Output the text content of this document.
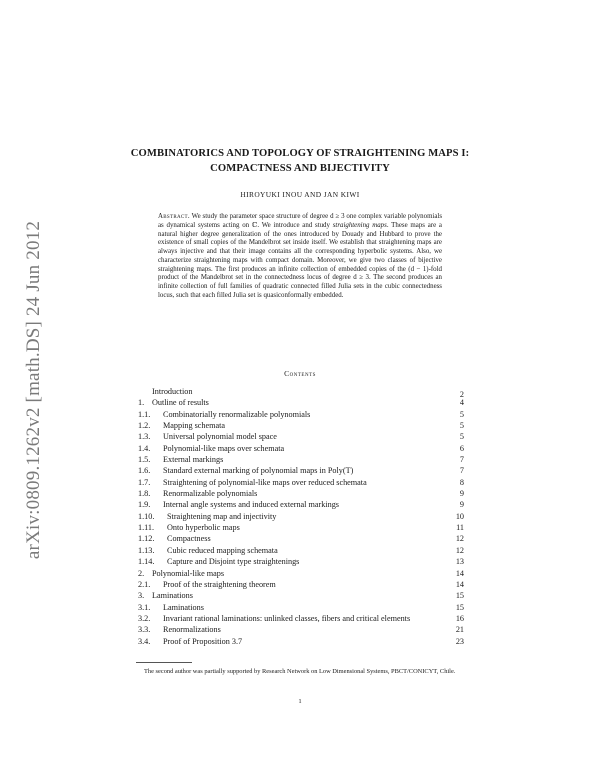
arXiv:0809.1262v2 [math.DS] 24 Jun 2012
COMBINATORICS AND TOPOLOGY OF STRAIGHTENING MAPS I:
COMPACTNESS AND BIJECTIVITY
HIROYUKI INOU AND JAN KIWI
Abstract. We study the parameter space structure of degree d ≥ 3 one complex variable polynomials as dynamical systems acting on ℂ. We introduce and study straightening maps. These maps are a natural higher degree generalization of the ones introduced by Douady and Hubbard to prove the existence of small copies of the Mandelbrot set inside itself. We establish that straightening maps are always injective and that their image contains all the corresponding hyperbolic systems. Also, we characterize straightening maps with compact domain. Moreover, we give two classes of bijective straightening maps. The first produces an infinite collection of embedded copies of the (d − 1)-fold product of the Mandelbrot set in the connectedness locus of degree d ≥ 3. The second produces an infinite collection of full families of quadratic connected filled Julia sets in the cubic connectedness locus, such that each filled Julia set is quasiconformally embedded.
Contents
Introduction	2
1. Outline of results	4
1.1.	Combinatorially renormalizable polynomials	5
1.2.	Mapping schemata	5
1.3.	Universal polynomial model space	5
1.4.	Polynomial-like maps over schemata	6
1.5.	External markings	7
1.6.	Standard external marking of polynomial maps in Poly(T)	7
1.7.	Straightening of polynomial-like maps over reduced schemata	8
1.8.	Renormalizable polynomials	9
1.9.	Internal angle systems and induced external markings	9
1.10.	Straightening map and injectivity	10
1.11.	Onto hyperbolic maps	11
1.12.	Compactness	12
1.13.	Cubic reduced mapping schemata	12
1.14.	Capture and Disjoint type straightenings	13
2. Polynomial-like maps	14
2.1.	Proof of the straightening theorem	14
3. Laminations	15
3.1.	Laminations	15
3.2.	Invariant rational laminations: unlinked classes, fibers and critical elements	16
3.3.	Renormalizations	21
3.4.	Proof of Proposition 3.7	23
The second author was partially supported by Research Network on Low Dimensional Systems, PBCT/CONICYT, Chile.
1
